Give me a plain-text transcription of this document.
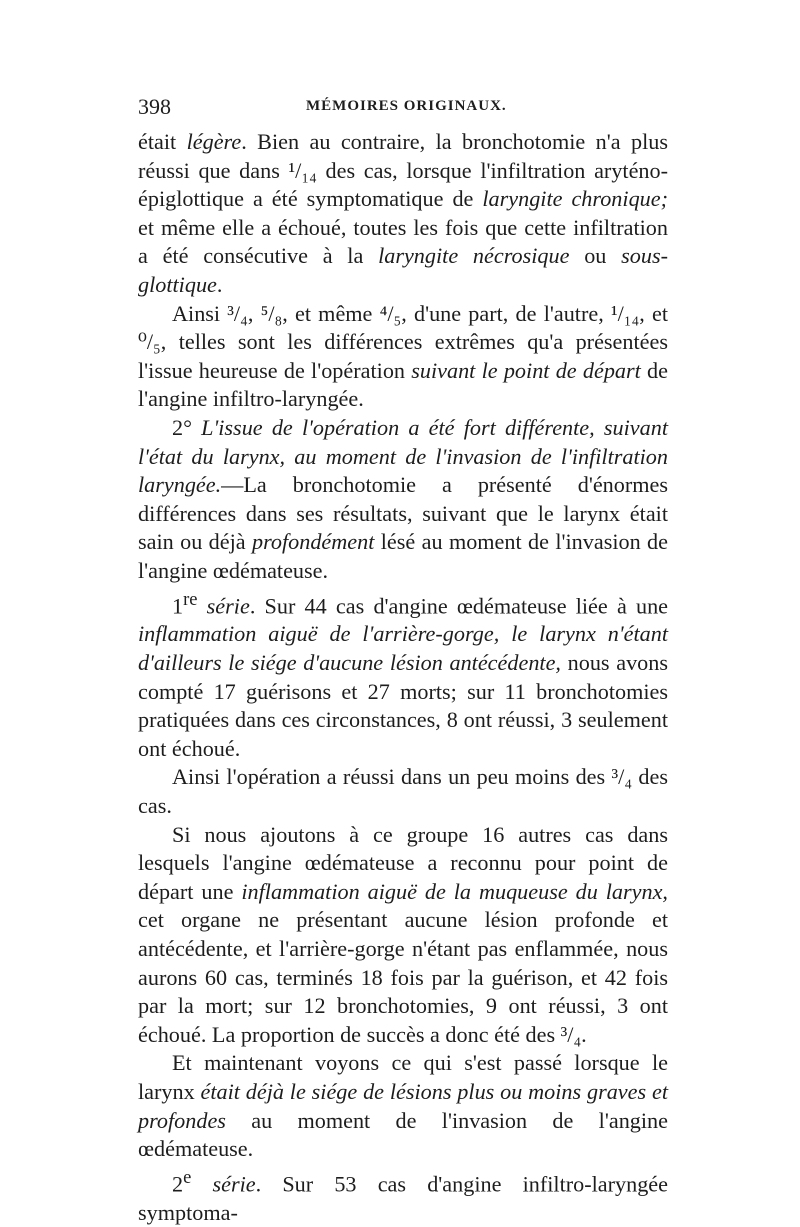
398	MÉMOIRES ORIGINAUX.

était légère. Bien au contraire, la bronchotomie n'a plus réussi que dans ¹/₁₄ des cas, lorsque l'infiltration aryténo-épiglottique a été symptomatique de laryngite chronique; et même elle a échoué, toutes les fois que cette infiltration a été consécutive à la laryngite nécrosique ou sous-glottique.

Ainsi ³/₄, ⁵/₈, et même ⁴/₅, d'une part, de l'autre, ¹/₁₄, et ⁰/₅, telles sont les différences extrêmes qu'a présentées l'issue heureuse de l'opération suivant le point de départ de l'angine infiltro-laryngée.

2° L'issue de l'opération a été fort différente, suivant l'état du larynx, au moment de l'invasion de l'infiltration laryngée.—La bronchotomie a présenté d'énormes différences dans ses résultats, suivant que le larynx était sain ou déjà profondément lésé au moment de l'invasion de l'angine œdémateuse.

1re série. Sur 44 cas d'angine œdémateuse liée à une inflammation aiguë de l'arrière-gorge, le larynx n'étant d'ailleurs le siége d'aucune lésion antécédente, nous avons compté 17 guérisons et 27 morts; sur 11 bronchotomies pratiquées dans ces circonstances, 8 ont réussi, 3 seulement ont échoué.

Ainsi l'opération a réussi dans un peu moins des ³/₄ des cas.

Si nous ajoutons à ce groupe 16 autres cas dans lesquels l'angine œdémateuse a reconnu pour point de départ une inflammation aiguë de la muqueuse du larynx, cet organe ne présentant aucune lésion profonde et antécédente, et l'arrière-gorge n'étant pas enflammée, nous aurons 60 cas, terminés 18 fois par la guérison, et 42 fois par la mort; sur 12 bronchotomies, 9 ont réussi, 3 ont échoué. La proportion de succès a donc été des ³/₄.

Et maintenant voyons ce qui s'est passé lorsque le larynx était déjà le siége de lésions plus ou moins graves et profondes au moment de l'invasion de l'angine œdémateuse.

2e série. Sur 53 cas d'angine infiltro-laryngée symptoma-
